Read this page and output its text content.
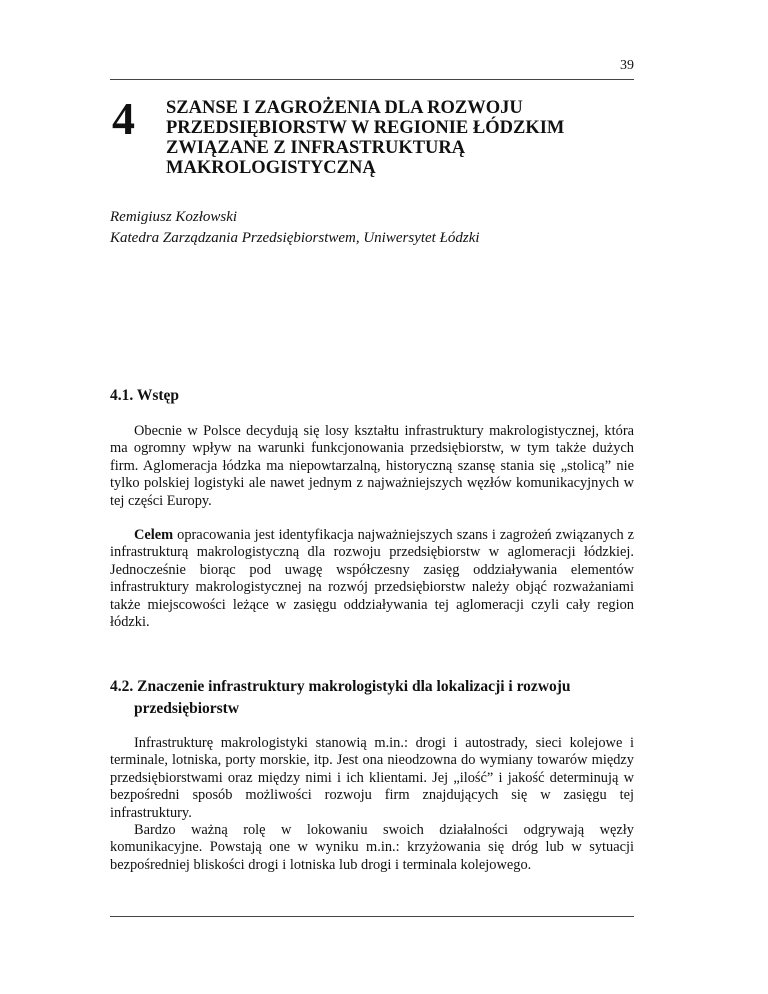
39
4 SZANSE I ZAGROŻENIA DLA ROZWOJU
PRZEDSIĘBIORSTW W REGIONIE ŁÓDZKIM
ZWIĄZANE Z INFRASTRUKTURĄ
MAKROLOGISTYCZNĄ
Remigiusz Kozłowski
Katedra Zarządzania Przedsiębiorstwem, Uniwersytet Łódzki
4.1. Wstęp

Obecnie w Polsce decydują się losy kształtu infrastruktury makrologistycznej, która ma ogromny wpływ na warunki funkcjonowania przedsiębiorstw, w tym także dużych firm. Aglomeracja łódzka ma niepowtarzalną, historyczną szansę stania się „stolicą” nie tylko polskiej logistyki ale nawet jednym z najważniejszych węzłów komunikacyjnych w tej części Europy.

Celem opracowania jest identyfikacja najważniejszych szans i zagrożeń związanych z infrastrukturą makrologistyczną dla rozwoju przedsiębiorstw w aglomeracji łódzkiej. Jednocześnie biorąc pod uwagę współczesny zasięg oddziaływania elementów infrastruktury makrologistycznej na rozwój przedsiębiorstw należy objąć rozważaniami także miejscowości leżące w zasięgu oddziaływania tej aglomeracji czyli cały region łódzki.

4.2. Znaczenie infrastruktury makrologistyki dla lokalizacji i rozwoju przedsiębiorstw

Infrastrukturę makrologistyki stanowią m.in.: drogi i autostrady, sieci kolejowe i terminale, lotniska, porty morskie, itp. Jest ona nieodzowna do wymiany towarów między przedsiębiorstwami oraz między nimi i ich klientami. Jej „ilość” i jakość determinują w bezpośredni sposób możliwości rozwoju firm znajdujących się w zasięgu tej infrastruktury.

Bardzo ważną rolę w lokowaniu swoich działalności odgrywają węzły komunikacyjne. Powstają one w wyniku m.in.: krzyżowania się dróg lub w sytuacji bezpośredniej bliskości drogi i lotniska lub drogi i terminala kolejowego.
